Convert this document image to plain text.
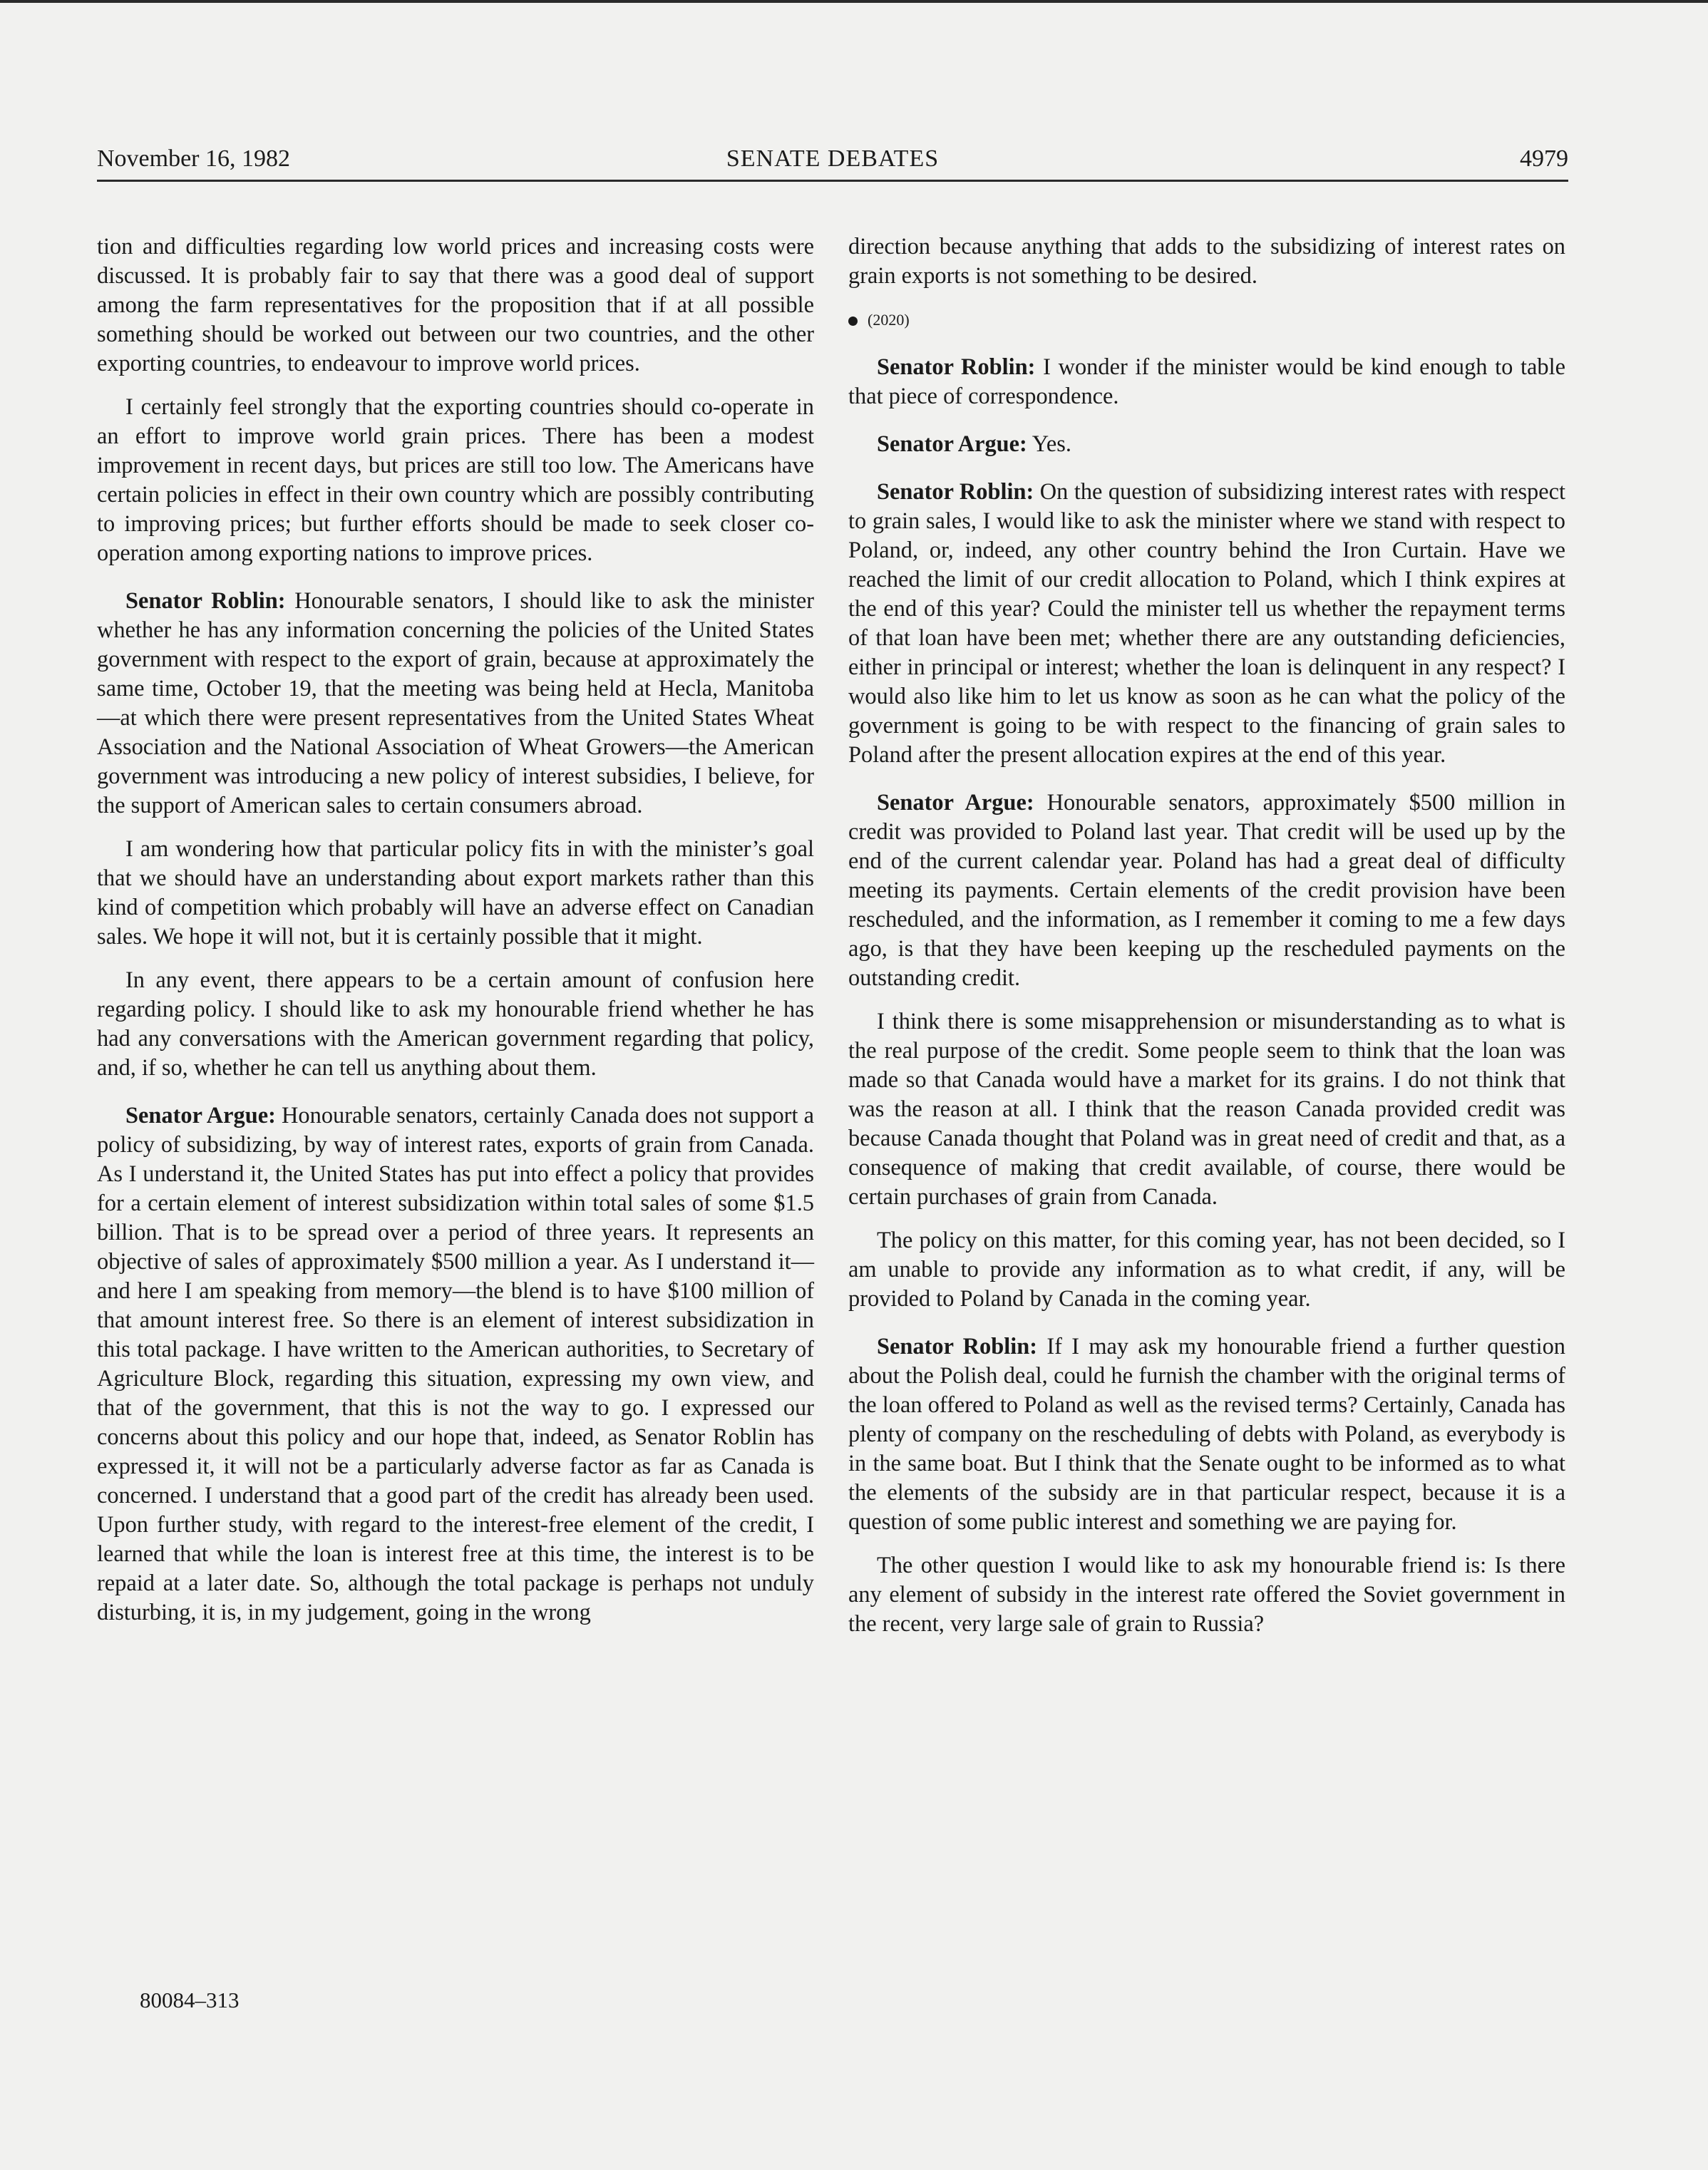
November 16, 1982	SENATE DEBATES	4979

tion and difficulties regarding low world prices and increasing costs were discussed. It is probably fair to say that there was a good deal of support among the farm representatives for the proposition that if at all possible something should be worked out between our two countries, and the other exporting countries, to endeavour to improve world prices.

I certainly feel strongly that the exporting countries should co-operate in an effort to improve world grain prices. There has been a modest improvement in recent days, but prices are still too low. The Americans have certain policies in effect in their own country which are possibly contributing to improving prices; but further efforts should be made to seek closer co-operation among exporting nations to improve prices.

Senator Roblin: Honourable senators, I should like to ask the minister whether he has any information concerning the policies of the United States government with respect to the export of grain, because at approximately the same time, October 19, that the meeting was being held at Hecla, Manitoba—at which there were present representatives from the United States Wheat Association and the National Association of Wheat Growers—the American government was introducing a new policy of interest subsidies, I believe, for the support of American sales to certain consumers abroad.

I am wondering how that particular policy fits in with the minister’s goal that we should have an understanding about export markets rather than this kind of competition which probably will have an adverse effect on Canadian sales. We hope it will not, but it is certainly possible that it might.

In any event, there appears to be a certain amount of confusion here regarding policy. I should like to ask my honourable friend whether he has had any conversations with the American government regarding that policy, and, if so, whether he can tell us anything about them.

Senator Argue: Honourable senators, certainly Canada does not support a policy of subsidizing, by way of interest rates, exports of grain from Canada. As I understand it, the United States has put into effect a policy that provides for a certain element of interest subsidization within total sales of some $1.5 billion. That is to be spread over a period of three years. It represents an objective of sales of approximately $500 million a year. As I understand it—and here I am speaking from memory—the blend is to have $100 million of that amount interest free. So there is an element of interest subsidization in this total package. I have written to the American authorities, to Secretary of Agriculture Block, regarding this situation, expressing my own view, and that of the government, that this is not the way to go. I expressed our concerns about this policy and our hope that, indeed, as Senator Roblin has expressed it, it will not be a particularly adverse factor as far as Canada is concerned. I understand that a good part of the credit has already been used. Upon further study, with regard to the interest-free element of the credit, I learned that while the loan is interest free at this time, the interest is to be repaid at a later date. So, although the total package is perhaps not unduly disturbing, it is, in my judgement, going in the wrong

direction because anything that adds to the subsidizing of interest rates on grain exports is not something to be desired.

(2020)

Senator Roblin: I wonder if the minister would be kind enough to table that piece of correspondence.

Senator Argue: Yes.

Senator Roblin: On the question of subsidizing interest rates with respect to grain sales, I would like to ask the minister where we stand with respect to Poland, or, indeed, any other country behind the Iron Curtain. Have we reached the limit of our credit allocation to Poland, which I think expires at the end of this year? Could the minister tell us whether the repayment terms of that loan have been met; whether there are any outstanding deficiencies, either in principal or interest; whether the loan is delinquent in any respect? I would also like him to let us know as soon as he can what the policy of the government is going to be with respect to the financing of grain sales to Poland after the present allocation expires at the end of this year.

Senator Argue: Honourable senators, approximately $500 million in credit was provided to Poland last year. That credit will be used up by the end of the current calendar year. Poland has had a great deal of difficulty meeting its payments. Certain elements of the credit provision have been rescheduled, and the information, as I remember it coming to me a few days ago, is that they have been keeping up the rescheduled payments on the outstanding credit.

I think there is some misapprehension or misunderstanding as to what is the real purpose of the credit. Some people seem to think that the loan was made so that Canada would have a market for its grains. I do not think that was the reason at all. I think that the reason Canada provided credit was because Canada thought that Poland was in great need of credit and that, as a consequence of making that credit available, of course, there would be certain purchases of grain from Canada.

The policy on this matter, for this coming year, has not been decided, so I am unable to provide any information as to what credit, if any, will be provided to Poland by Canada in the coming year.

Senator Roblin: If I may ask my honourable friend a further question about the Polish deal, could he furnish the chamber with the original terms of the loan offered to Poland as well as the revised terms? Certainly, Canada has plenty of company on the rescheduling of debts with Poland, as everybody is in the same boat. But I think that the Senate ought to be informed as to what the elements of the subsidy are in that particular respect, because it is a question of some public interest and something we are paying for.

The other question I would like to ask my honourable friend is: Is there any element of subsidy in the interest rate offered the Soviet government in the recent, very large sale of grain to Russia?

80084–313
